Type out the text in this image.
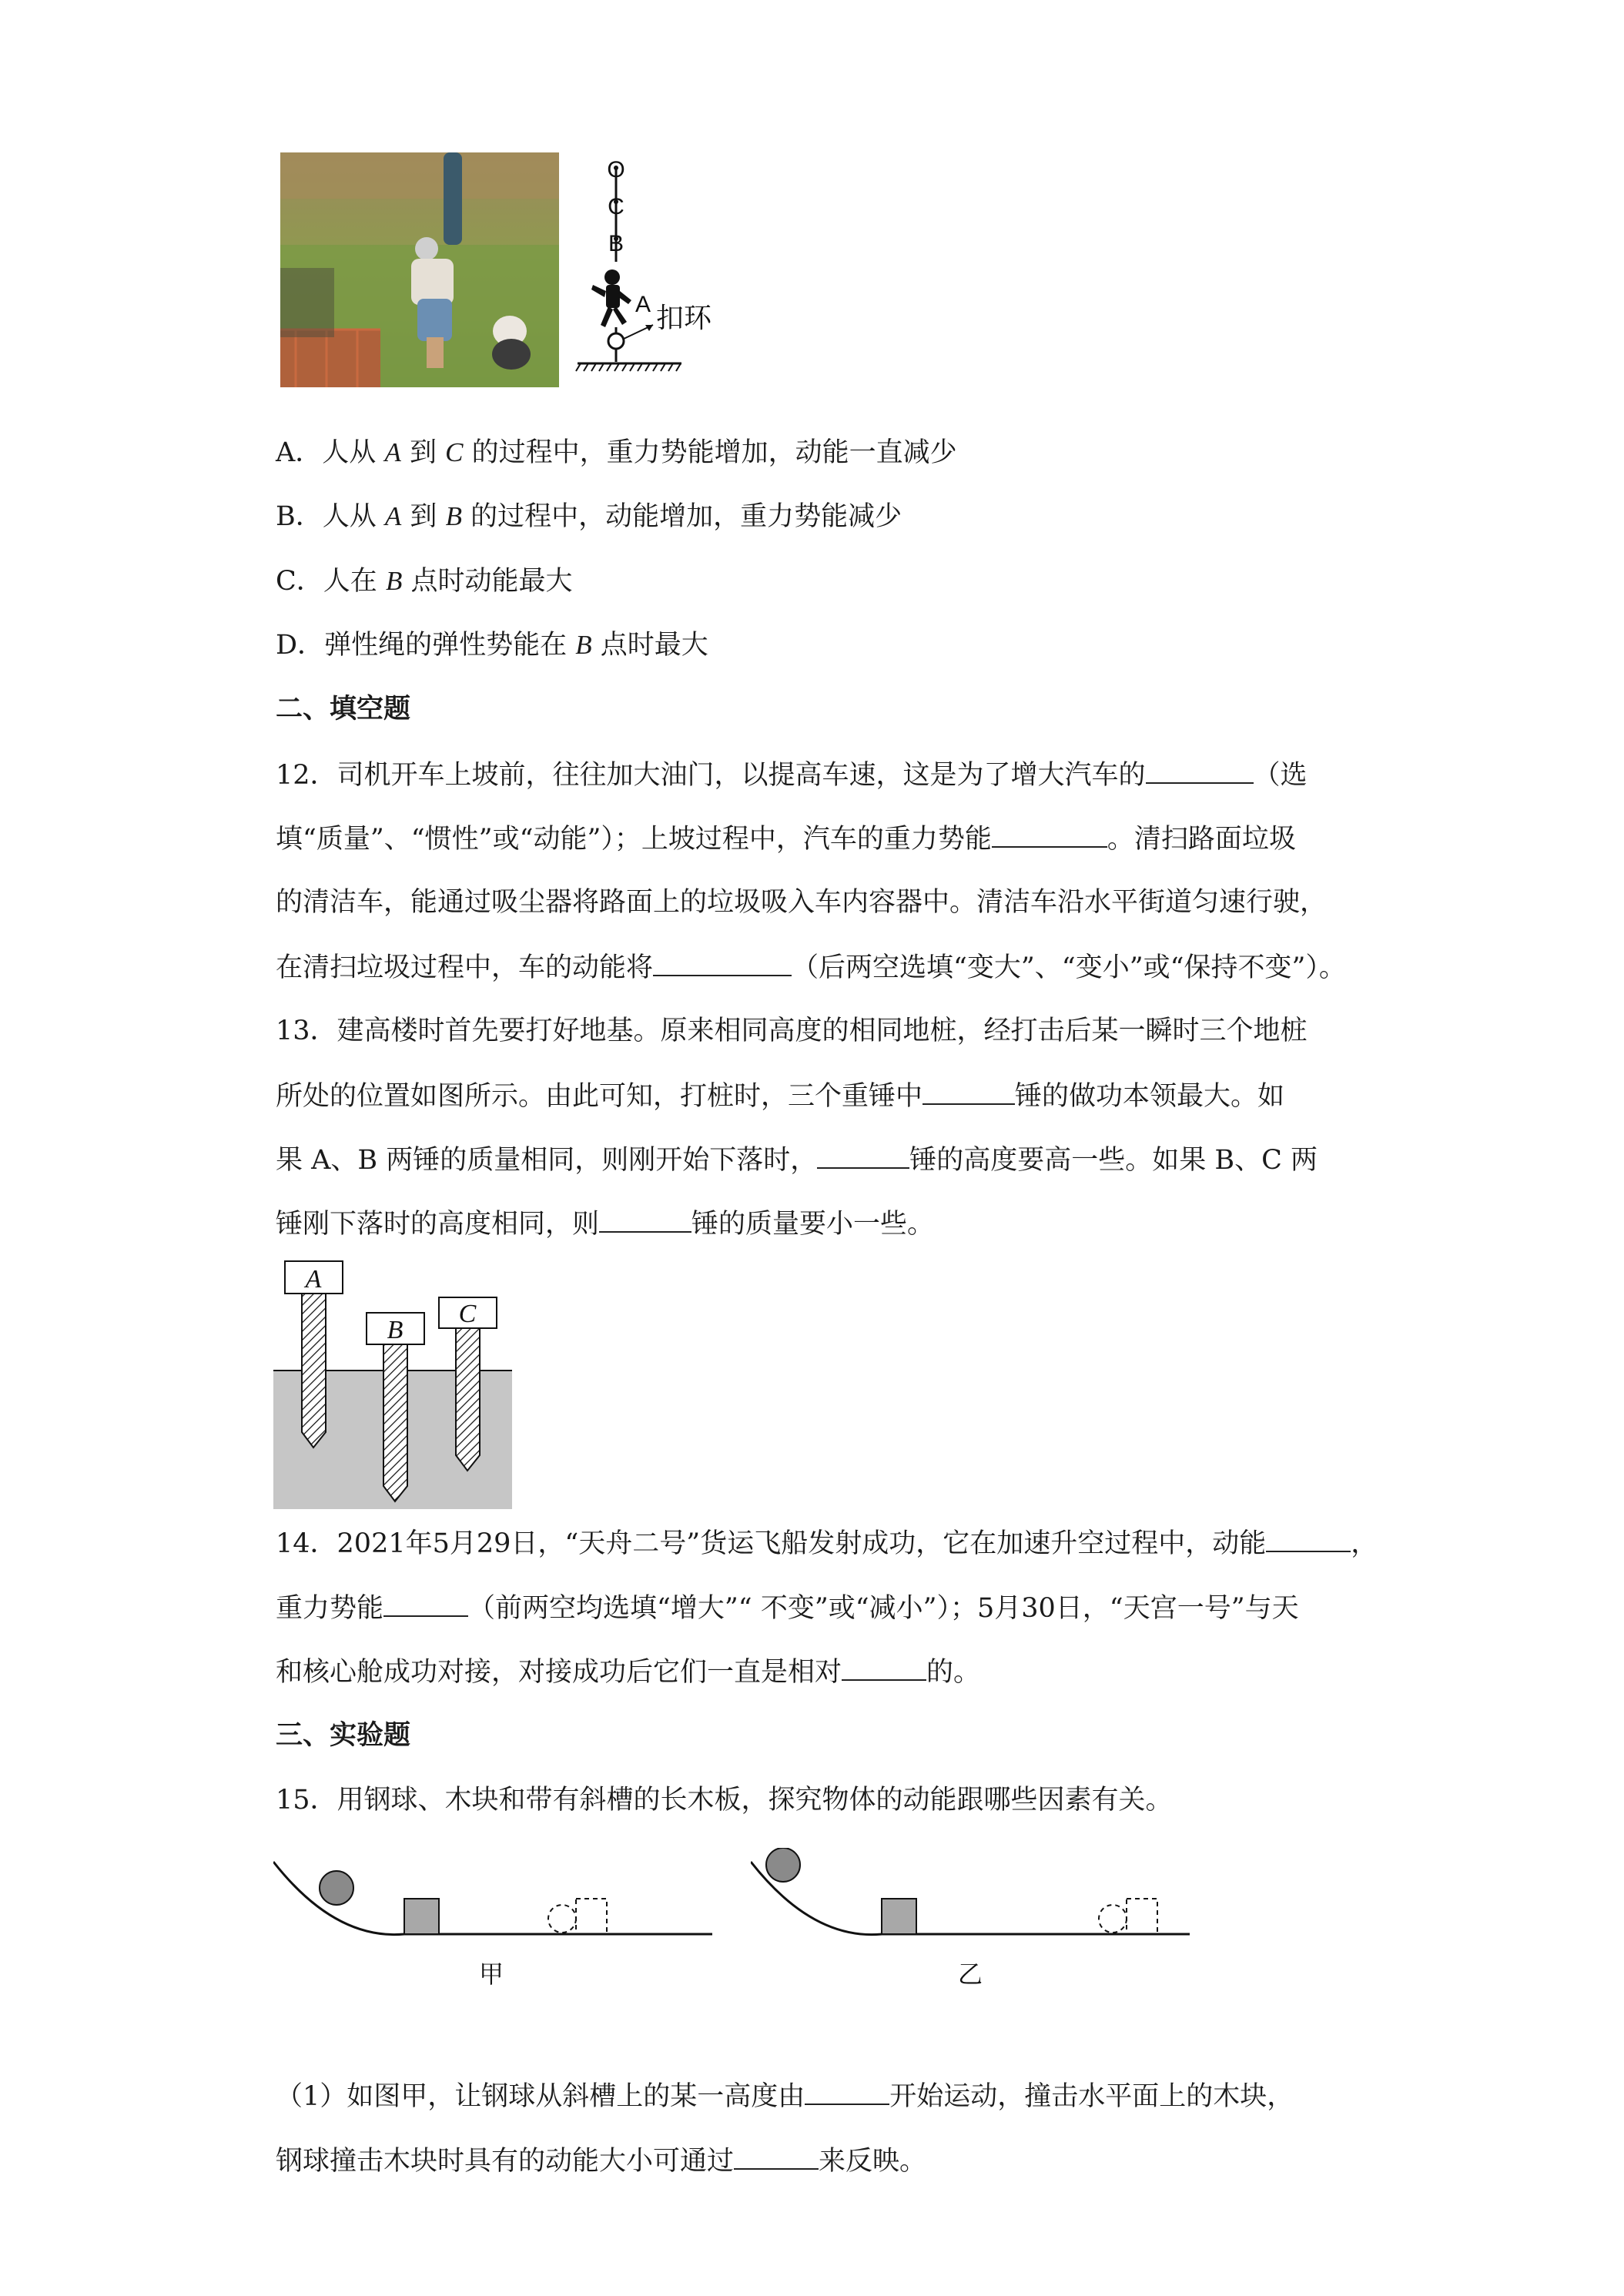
O
C
B
A 扣环
A．人从 A 到 C 的过程中，重力势能增加，动能一直减少
B．人从 A 到 B 的过程中，动能增加，重力势能减少
C．人在 B 点时动能最大
D．弹性绳的弹性势能在 B 点时最大
二、填空题
12．司机开车上坡前，往往加大油门，以提高车速，这是为了增大汽车的	（选
填“质量”、“惯性”或“动能”）；上坡过程中，汽车的重力势能	。清扫路面垃圾
的清洁车，能通过吸尘器将路面上的垃圾吸入车内容器中。清洁车沿水平街道匀速行驶，
在清扫垃圾过程中，车的动能将	（后两空选填“变大”、“变小”或“保持不变”）。
13．建高楼时首先要打好地基。原来相同高度的相同地桩，经打击后某一瞬时三个地桩
所处的位置如图所示。由此可知，打桩时，三个重锤中	锤的做功本领最大。如
果 A、B 两锤的质量相同，则刚开始下落时，	锤的高度要高一些。如果 B、C 两
锤刚下落时的高度相同，则	锤的质量要小一些。
A
B
C
14．2021年5月29日，“天舟二号”货运飞船发射成功，它在加速升空过程中，动能	，
重力势能	（前两空均选填“增大”“ 不变”或“减小”）；5月30日，“天宫一号”与天
和核心舱成功对接，对接成功后它们一直是相对	的。
三、实验题
15．用钢球、木块和带有斜槽的长木板，探究物体的动能跟哪些因素有关。
甲	乙
（1）如图甲，让钢球从斜槽上的某一高度由	开始运动，撞击水平面上的木块，
钢球撞击木块时具有的动能大小可通过	来反映。
